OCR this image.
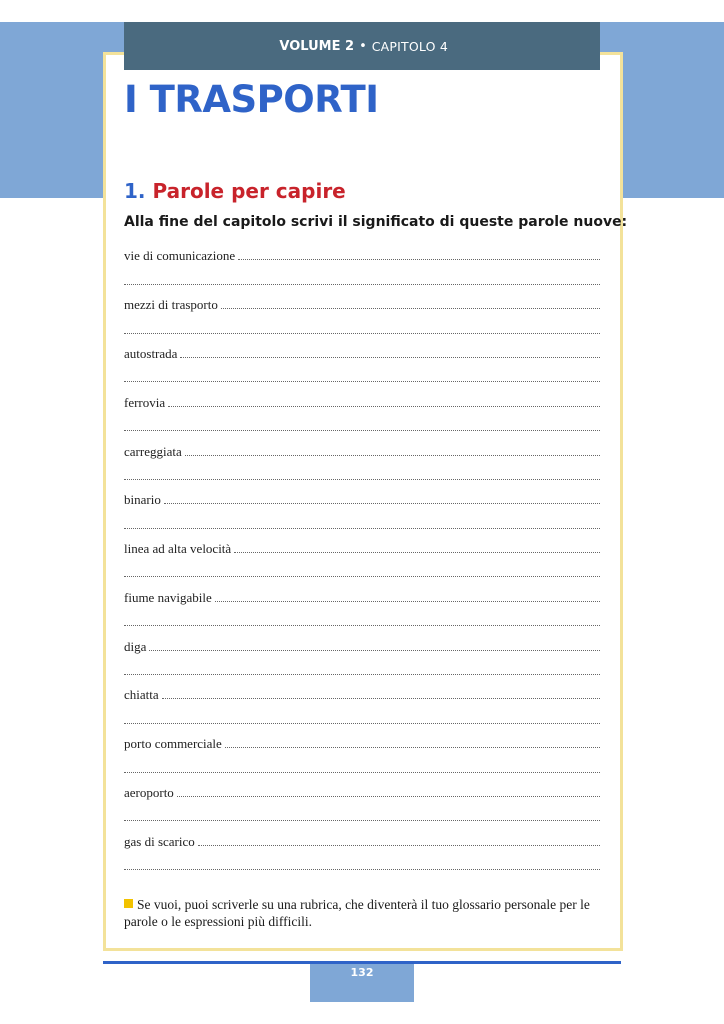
VOLUME 2 • CAPITOLO 4
I TRASPORTI
1. Parole per capire

Alla fine del capitolo scrivi il significato di queste parole nuove:

vie di comunicazione
mezzi di trasporto
autostrada
ferrovia
carreggiata
binario
linea ad alta velocità
fiume navigabile
diga
chiatta
porto commerciale
aeroporto
gas di scarico

Se vuoi, puoi scriverle su una rubrica, che diventerà il tuo glossario personale per le parole o le espressioni più difficili.

132
